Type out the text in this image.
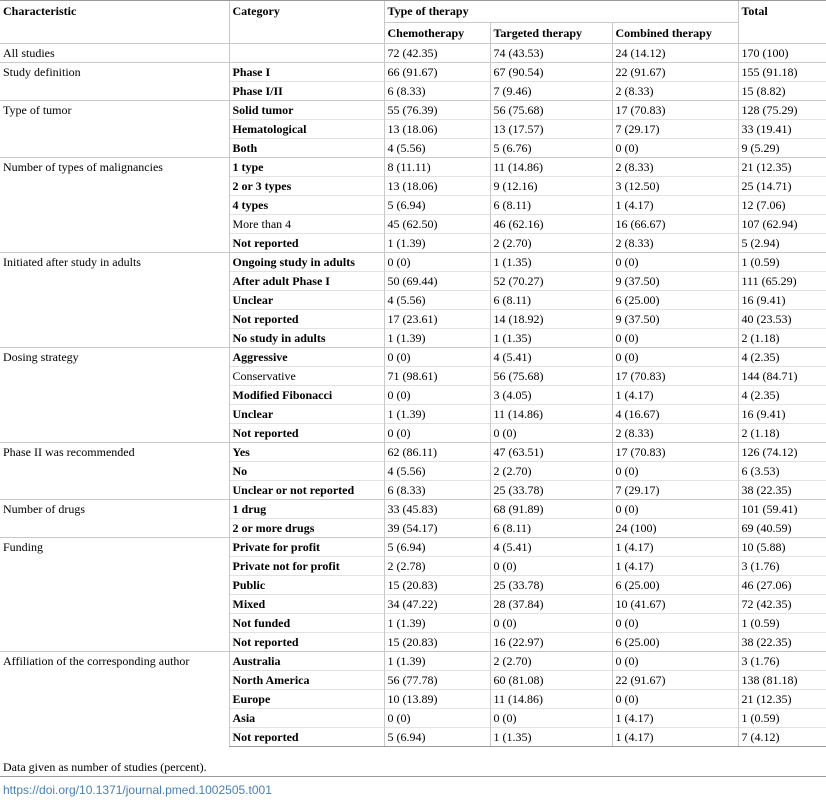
Characteristic	Category	Type of therapy			Total
		Chemotherapy	Targeted therapy	Combined therapy	
All studies		72 (42.35)	74 (43.53)	24 (14.12)	170 (100)
Study definition	Phase I	66 (91.67)	67 (90.54)	22 (91.67)	155 (91.18)
	Phase I/II	6 (8.33)	7 (9.46)	2 (8.33)	15 (8.82)
Type of tumor	Solid tumor	55 (76.39)	56 (75.68)	17 (70.83)	128 (75.29)
	Hematological	13 (18.06)	13 (17.57)	7 (29.17)	33 (19.41)
	Both	4 (5.56)	5 (6.76)	0 (0)	9 (5.29)
Number of types of malignancies	1 type	8 (11.11)	11 (14.86)	2 (8.33)	21 (12.35)
	2 or 3 types	13 (18.06)	9 (12.16)	3 (12.50)	25 (14.71)
	4 types	5 (6.94)	6 (8.11)	1 (4.17)	12 (7.06)
	More than 4	45 (62.50)	46 (62.16)	16 (66.67)	107 (62.94)
	Not reported	1 (1.39)	2 (2.70)	2 (8.33)	5 (2.94)
Initiated after study in adults	Ongoing study in adults	0 (0)	1 (1.35)	0 (0)	1 (0.59)
	After adult Phase I	50 (69.44)	52 (70.27)	9 (37.50)	111 (65.29)
	Unclear	4 (5.56)	6 (8.11)	6 (25.00)	16 (9.41)
	Not reported	17 (23.61)	14 (18.92)	9 (37.50)	40 (23.53)
	No study in adults	1 (1.39)	1 (1.35)	0 (0)	2 (1.18)
Dosing strategy	Aggressive	0 (0)	4 (5.41)	0 (0)	4 (2.35)
	Conservative	71 (98.61)	56 (75.68)	17 (70.83)	144 (84.71)
	Modified Fibonacci	0 (0)	3 (4.05)	1 (4.17)	4 (2.35)
	Unclear	1 (1.39)	11 (14.86)	4 (16.67)	16 (9.41)
	Not reported	0 (0)	0 (0)	2 (8.33)	2 (1.18)
Phase II was recommended	Yes	62 (86.11)	47 (63.51)	17 (70.83)	126 (74.12)
	No	4 (5.56)	2 (2.70)	0 (0)	6 (3.53)
	Unclear or not reported	6 (8.33)	25 (33.78)	7 (29.17)	38 (22.35)
Number of drugs	1 drug	33 (45.83)	68 (91.89)	0 (0)	101 (59.41)
	2 or more drugs	39 (54.17)	6 (8.11)	24 (100)	69 (40.59)
Funding	Private for profit	5 (6.94)	4 (5.41)	1 (4.17)	10 (5.88)
	Private not for profit	2 (2.78)	0 (0)	1 (4.17)	3 (1.76)
	Public	15 (20.83)	25 (33.78)	6 (25.00)	46 (27.06)
	Mixed	34 (47.22)	28 (37.84)	10 (41.67)	72 (42.35)
	Not funded	1 (1.39)	0 (0)	0 (0)	1 (0.59)
	Not reported	15 (20.83)	16 (22.97)	6 (25.00)	38 (22.35)
Affiliation of the corresponding author	Australia	1 (1.39)	2 (2.70)	0 (0)	3 (1.76)
	North America	56 (77.78)	60 (81.08)	22 (91.67)	138 (81.18)
	Europe	10 (13.89)	11 (14.86)	0 (0)	21 (12.35)
	Asia	0 (0)	0 (0)	1 (4.17)	1 (0.59)
	Not reported	5 (6.94)	1 (1.35)	1 (4.17)	7 (4.12)
Data given as number of studies (percent).
https://doi.org/10.1371/journal.pmed.1002505.t001
